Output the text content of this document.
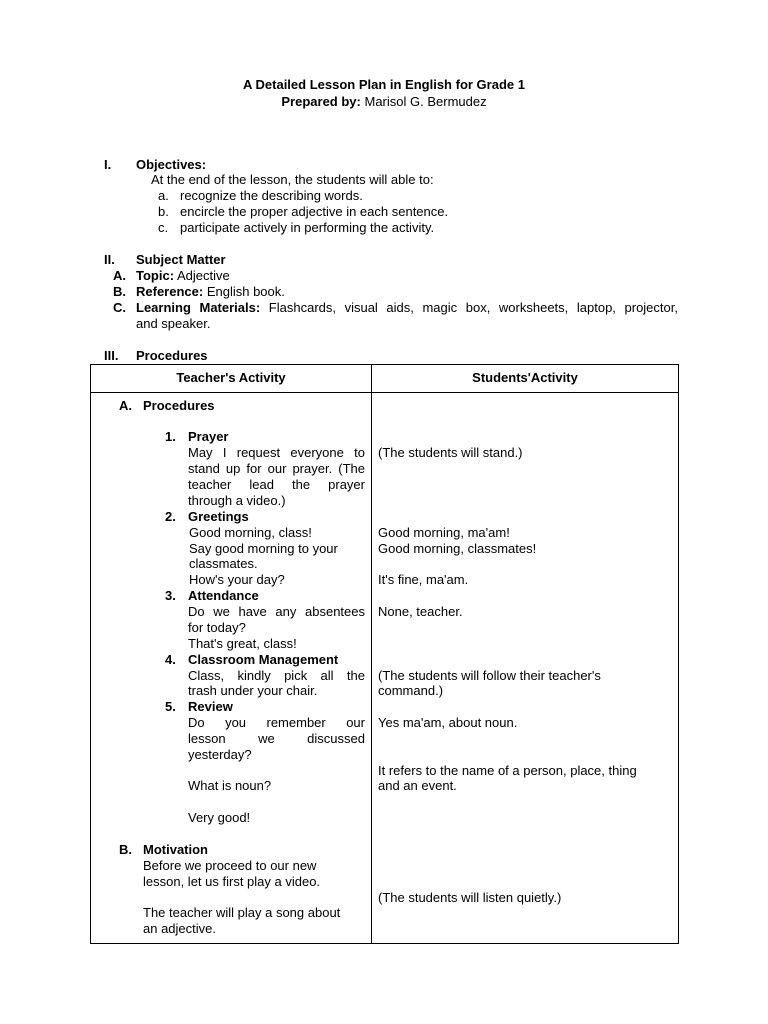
A Detailed Lesson Plan in English for Grade 1
Prepared by: Marisol G. Bermudez
I. Objectives:
At the end of the lesson, the students will able to:
a. recognize the describing words.
b. encircle the proper adjective in each sentence.
c. participate actively in performing the activity.
II. Subject Matter
A. Topic: Adjective
B. Reference: English book.
C. Learning Materials: Flashcards, visual aids, magic box, worksheets, laptop, projector,
and speaker.
III. Procedures
Teacher's Activity	Students'Activity
A. Procedures
1. Prayer
May I request everyone to
stand up for our prayer. (The
teacher lead the prayer
through a video.)
(The students will stand.)
2. Greetings
Good morning, class!
Say good morning to your
classmates.
How's your day?
Good morning, ma'am!
Good morning, classmates!
It's fine, ma'am.
3. Attendance
Do we have any absentees
for today?
That's great, class!
None, teacher.
4. Classroom Management
Class, kindly pick all the
trash under your chair.
(The students will follow their teacher's
command.)
5. Review
Do you remember our
lesson we discussed
yesterday?
What is noun?
Very good!
Yes ma'am, about noun.
It refers to the name of a person, place, thing
and an event.
B. Motivation
Before we proceed to our new
lesson, let us first play a video.
The teacher will play a song about
an adjective.
(The students will listen quietly.)
